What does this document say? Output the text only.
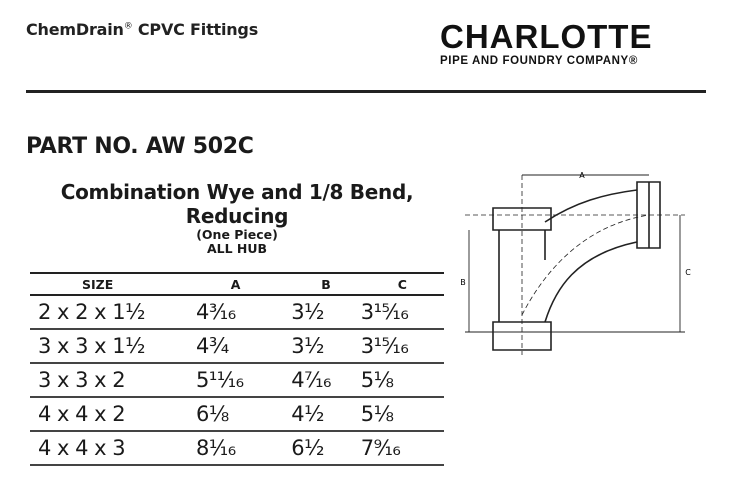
ChemDrain® CPVC Fittings	CHARLOTTE
PIPE AND FOUNDRY COMPANY®
PART NO. AW 502C
Combination Wye and 1/8 Bend,
Reducing
(One Piece)
ALL HUB
SIZE	A	B	C
2 x 2 x 1½	4³⁄₁₆	3½	3¹⁵⁄₁₆
3 x 3 x 1½	4¾	3½	3¹⁵⁄₁₆
3 x 3 x 2	5¹¹⁄₁₆	4⁷⁄₁₆	5⅛
4 x 4 x 2	6⅛	4½	5⅛
4 x 4 x 3	8¹⁄₁₆	6½	7⁹⁄₁₆
A
B
C
